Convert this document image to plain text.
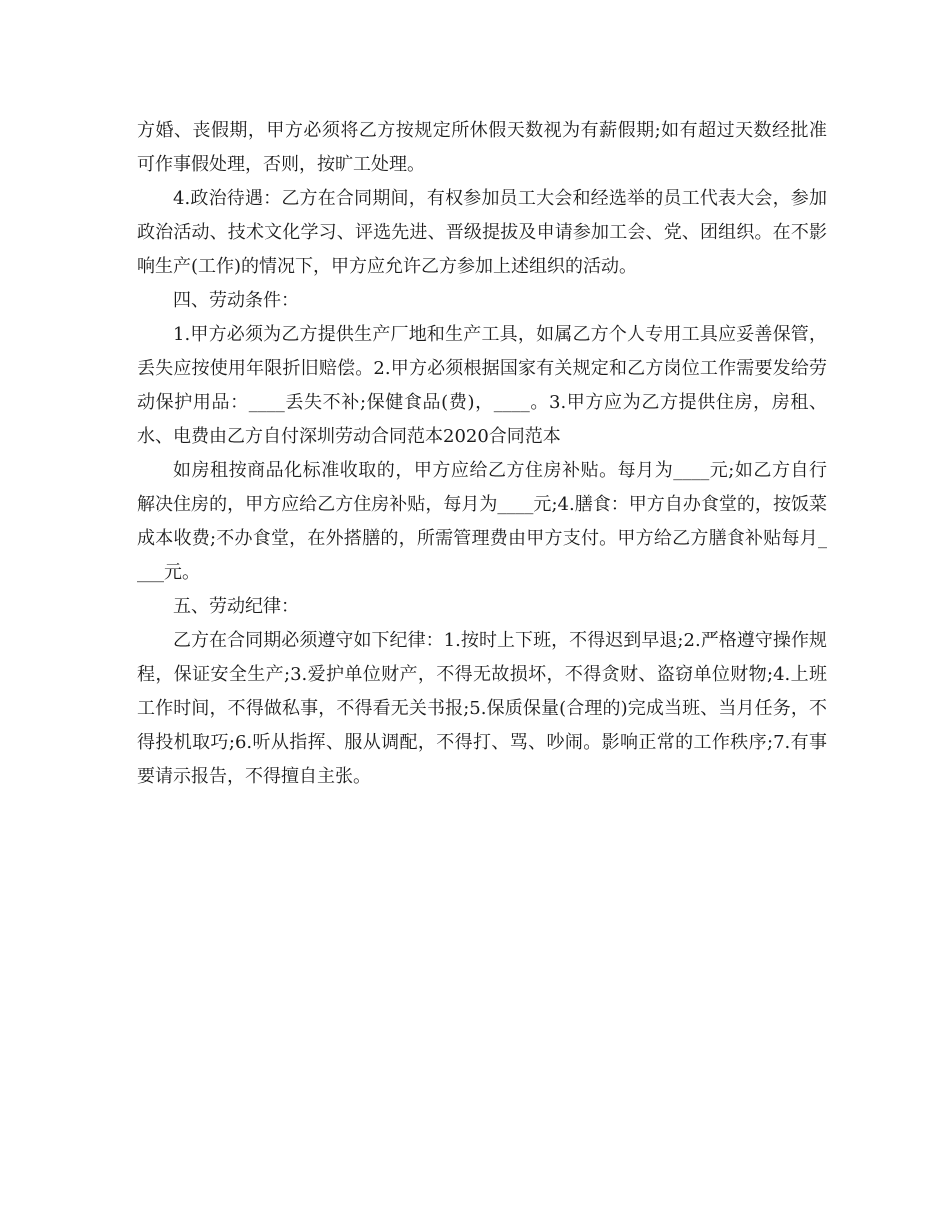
方婚、丧假期，甲方必须将乙方按规定所休假天数视为有薪假期;如有超过天数经批准可作事假处理，否则，按旷工处理。

4.政治待遇：乙方在合同期间，有权参加员工大会和经选举的员工代表大会，参加政治活动、技术文化学习、评选先进、晋级提拔及申请参加工会、党、团组织。在不影响生产(工作)的情况下，甲方应允许乙方参加上述组织的活动。

四、劳动条件：

1.甲方必须为乙方提供生产厂地和生产工具，如属乙方个人专用工具应妥善保管，丢失应按使用年限折旧赔偿。2.甲方必须根据国家有关规定和乙方岗位工作需要发给劳动保护用品：____丢失不补;保健食品(费)，____。3.甲方应为乙方提供住房，房租、水、电费由乙方自付深圳劳动合同范本2020合同范本

如房租按商品化标准收取的，甲方应给乙方住房补贴。每月为____元;如乙方自行解决住房的，甲方应给乙方住房补贴，每月为____元;4.膳食：甲方自办食堂的，按饭菜成本收费;不办食堂，在外搭膳的，所需管理费由甲方支付。甲方给乙方膳食补贴每月____元。

五、劳动纪律：

乙方在合同期必须遵守如下纪律：1.按时上下班，不得迟到早退;2.严格遵守操作规程，保证安全生产;3.爱护单位财产，不得无故损坏，不得贪财、盗窃单位财物;4.上班工作时间，不得做私事，不得看无关书报;5.保质保量(合理的)完成当班、当月任务，不得投机取巧;6.听从指挥、服从调配，不得打、骂、吵闹。影响正常的工作秩序;7.有事要请示报告，不得擅自主张。
